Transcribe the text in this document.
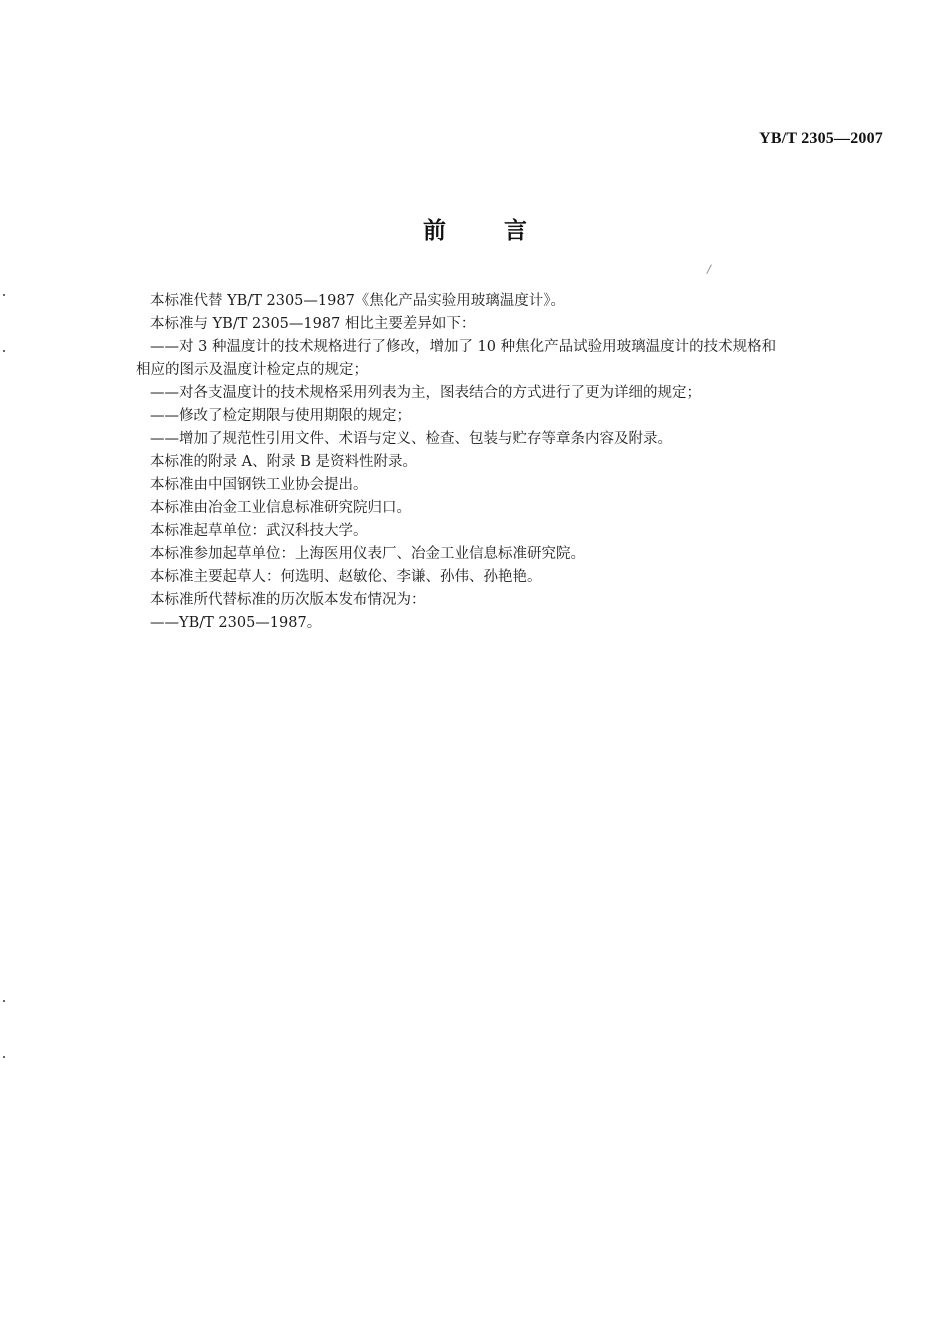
YB/T 2305—2007
前	言
/

本标准代替 YB/T 2305—1987《焦化产品实验用玻璃温度计》。

本标准与 YB/T 2305—1987 相比主要差异如下：

——对 3 种温度计的技术规格进行了修改，增加了 10 种焦化产品试验用玻璃温度计的技术规格和

相应的图示及温度计检定点的规定；

——对各支温度计的技术规格采用列表为主，图表结合的方式进行了更为详细的规定；

——修改了检定期限与使用期限的规定；

——增加了规范性引用文件、术语与定义、检查、包装与贮存等章条内容及附录。

本标准的附录 A、附录 B 是资料性附录。

本标准由中国钢铁工业协会提出。

本标准由冶金工业信息标准研究院归口。

本标准起草单位：武汉科技大学。

本标准参加起草单位：上海医用仪表厂、冶金工业信息标准研究院。

本标准主要起草人：何选明、赵敏伦、李谦、孙伟、孙艳艳。

本标准所代替标准的历次版本发布情况为：

——YB/T 2305—1987。
